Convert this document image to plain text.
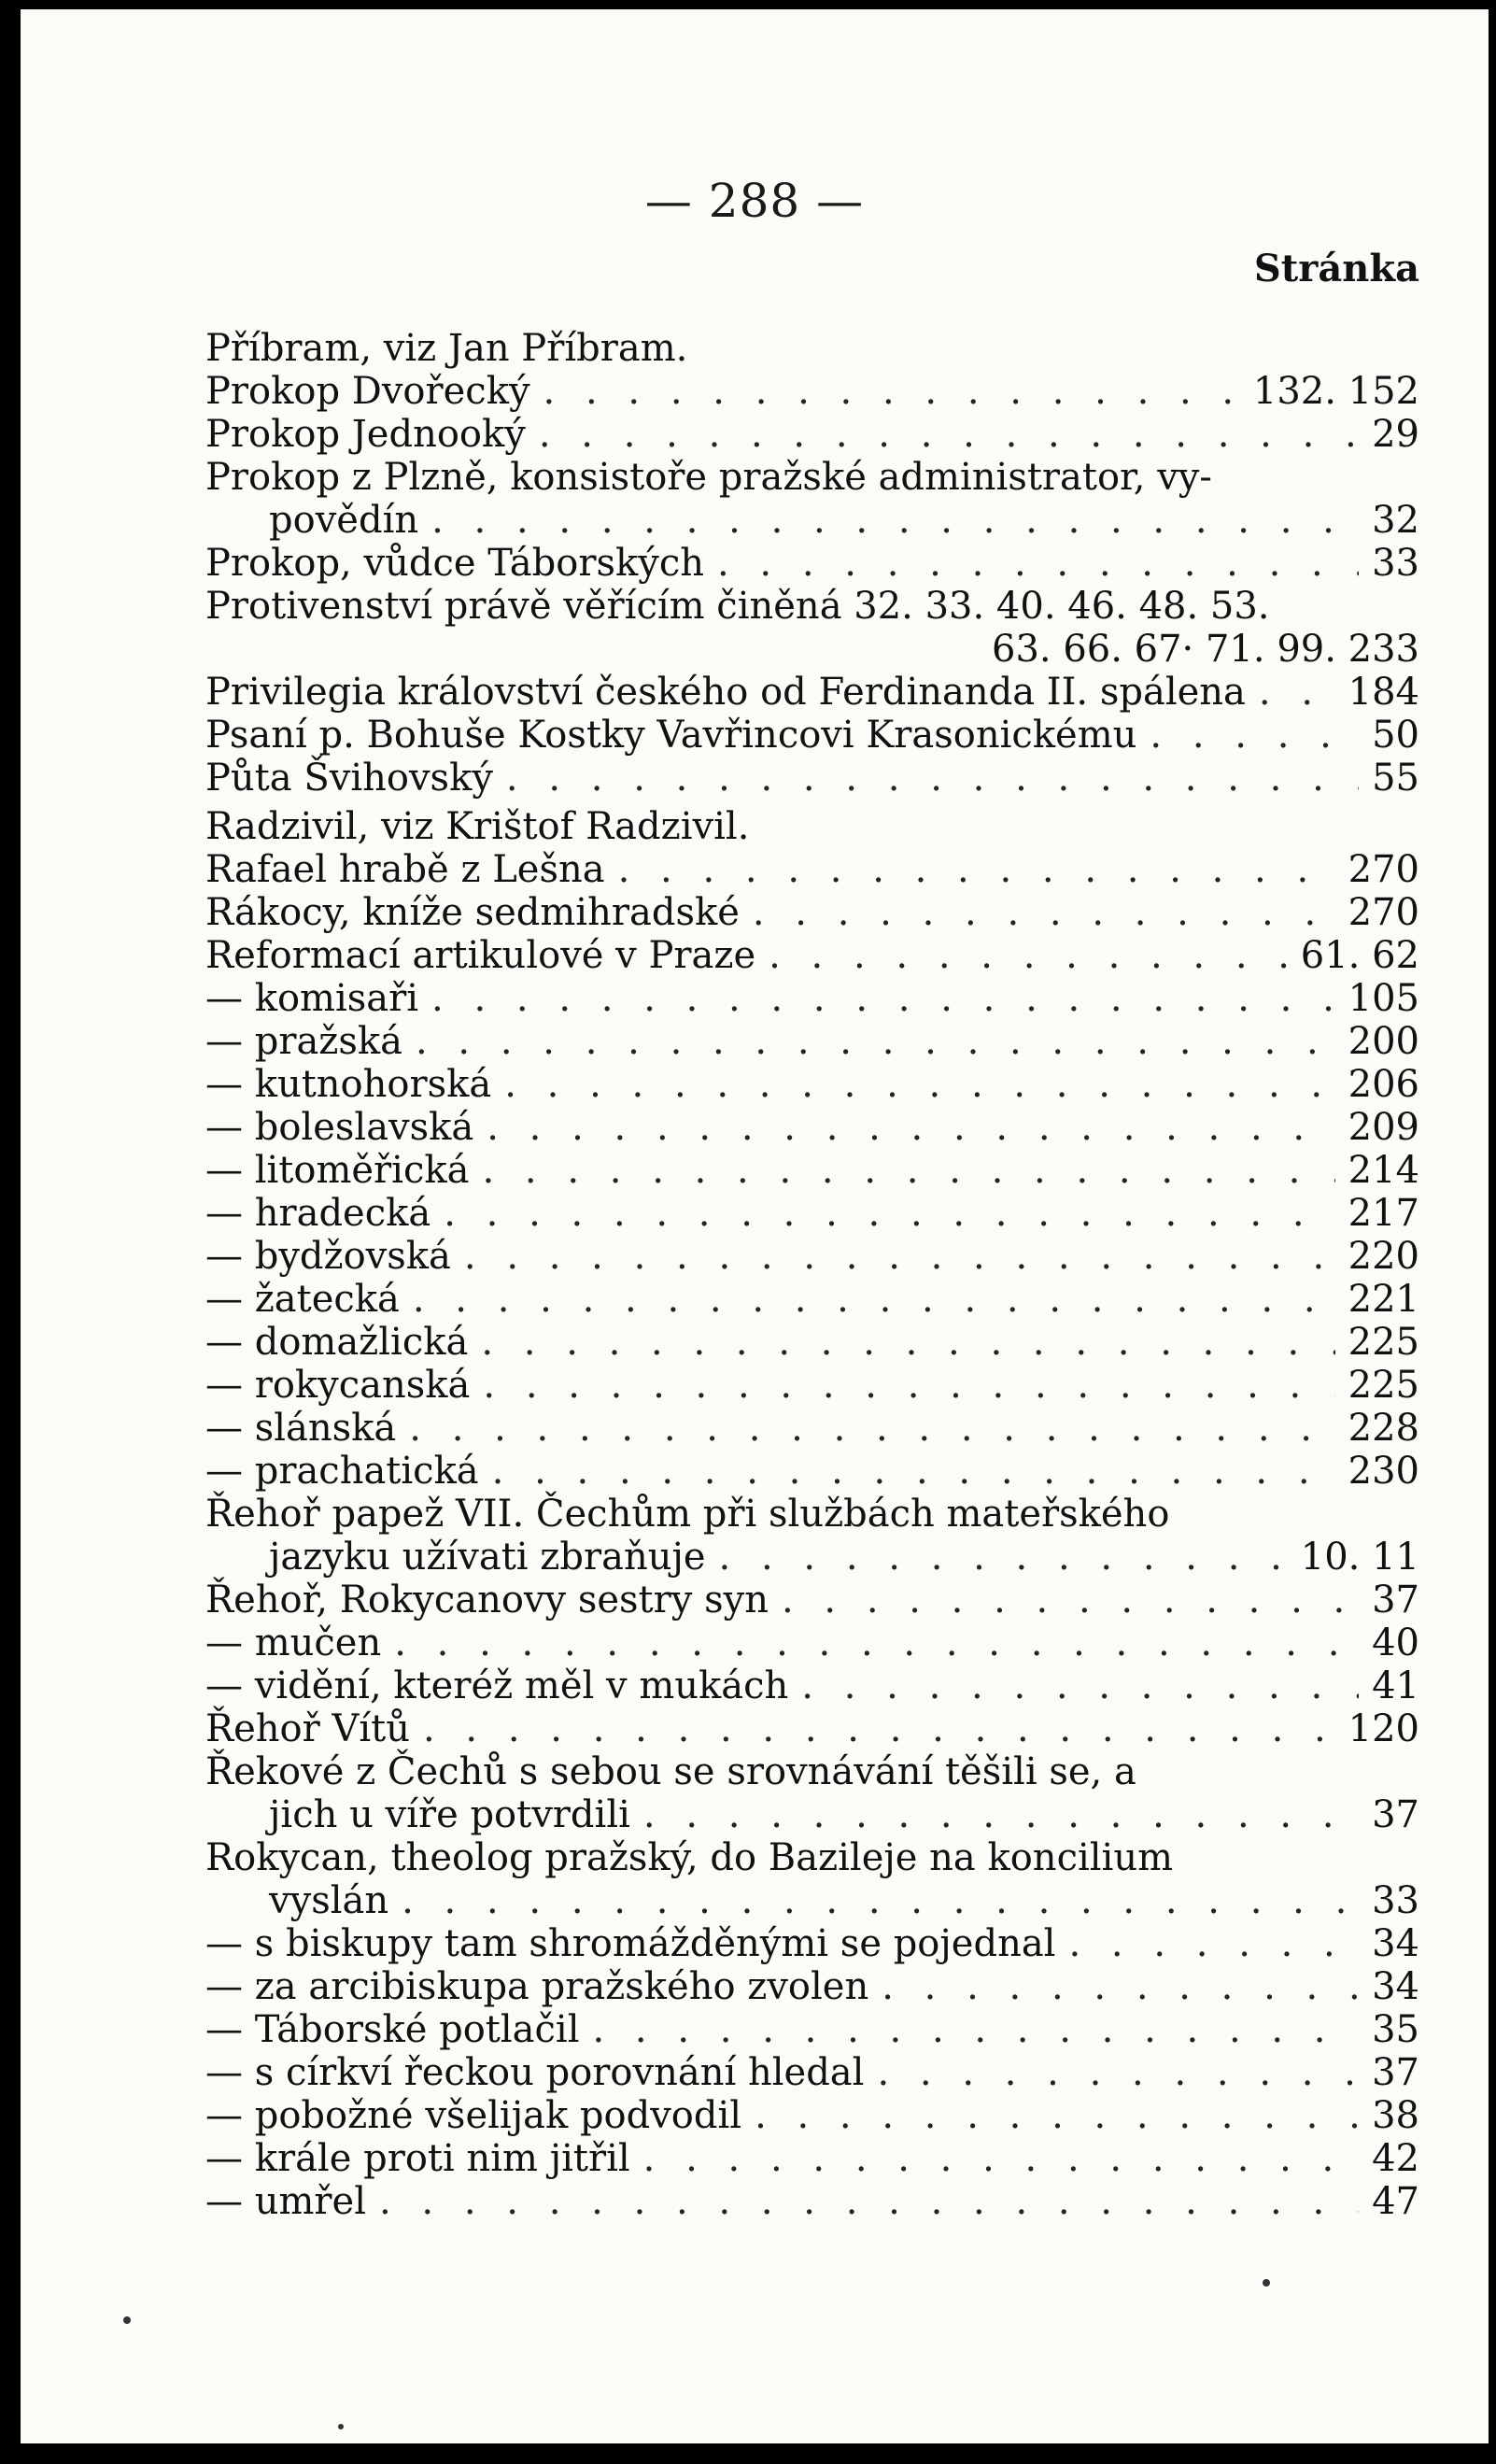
— 288 —
Stránka
Příbram, viz Jan Příbram.
Prokop Dvořecký . . .	132. 152
Prokop Jednooký . . .	29
Prokop z Plzně, konsistoře pražské administrator, vy-
povědín . . .	32
Prokop, vůdce Táborských . . .	33
Protivenství právě věřícím činěná 32. 33. 40. 46. 48. 53.
63. 66. 67· 71. 99. 233
Privilegia království českého od Ferdinanda II. spálena . . .	184
Psaní p. Bohuše Kostky Vavřincovi Krasonickému . . .	50
Půta Švihovský . . .	55
Radzivil, viz Krištof Radzivil.
Rafael hrabě z Lešna . . .	270
Rákocy, kníže sedmihradské . . .	270
Reformací artikulové v Praze . . .	61. 62
— komisaři . . .	105
— pražská . . .	200
— kutnohorská . . .	206
— boleslavská . . .	209
— litoměřická . . .	214
— hradecká . . .	217
— bydžovská . . .	220
— žatecká . . .	221
— domažlická . . .	225
— rokycanská . . .	225
— slánská . . .	228
— prachatická . . .	230
Řehoř papež VII. Čechům při službách mateřského
jazyku užívati zbraňuje . . .	10. 11
Řehoř, Rokycanovy sestry syn . . .	37
— mučen . . .	40
— vidění, kteréž měl v mukách . . .	41
Řehoř Vítů . . .	120
Řekové z Čechů s sebou se srovnávání těšili se, a
jich u víře potvrdili . . .	37
Rokycan, theolog pražský, do Bazileje na koncilium
vyslán . . .	33
— s biskupy tam shromážděnými se pojednal . . .	34
— za arcibiskupa pražského zvolen . . .	34
— Táborské potlačil . . .	35
— s církví řeckou porovnání hledal . . .	37
— pobožné všelijak podvodil . . .	38
— krále proti nim jitřil . . .	42
— umřel . . .	47
